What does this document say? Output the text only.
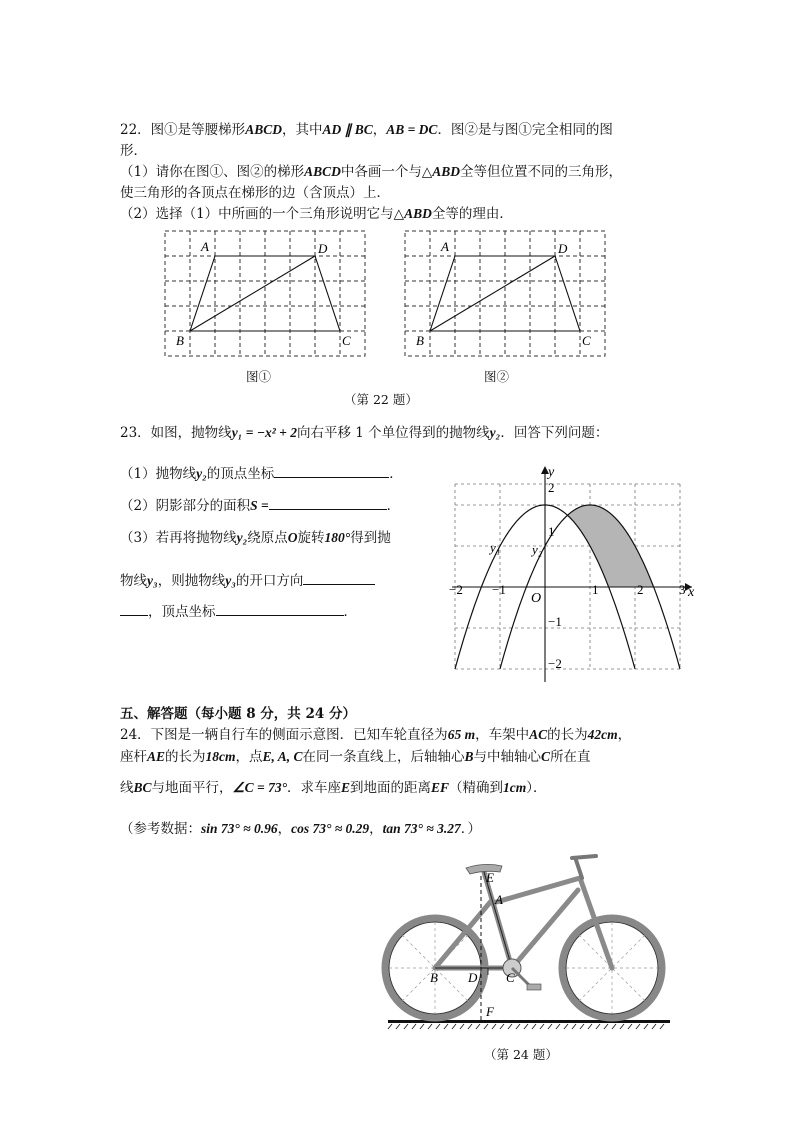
22．图①是等腰梯形ABCD，其中AD ∥ BC，AB = DC．图②是与图①完全相同的图
形．
（1）请你在图①、图②的梯形ABCD中各画一个与△ABD全等但位置不同的三角形，
使三角形的各顶点在梯形的边（含顶点）上．
（2）选择（1）中所画的一个三角形说明它与△ABD全等的理由．
A	D
B	C
图①
A	D
B	C
图②
（第 22 题）
23．如图，抛物线y₁ = −x² + 2向右平移 1 个单位得到的抛物线y₂．回答下列问题：
（1）抛物线y₂的顶点坐标	．
（2）阴影部分的面积S =	．
（3）若再将抛物线y₂绕原点O旋转180°得到抛
物线y₃，则抛物线y₃的开口方向
，顶点坐标	．
x
y
O
−2 −1	1	2	3
2
1
−1
−2
y₁ y₂
五、解答题（每小题 8 分，共 24 分）
24．下图是一辆自行车的侧面示意图．已知车轮直径为65 m，车架中AC的长为42cm，
座杆AE的长为18cm，点E, A, C在同一条直线上，后轴轴心B与中轴轴心C所在直
线BC与地面平行，∠C = 73°．求车座E到地面的距离EF（精确到1cm）．
（参考数据：sin 73° ≈ 0.96，cos 73° ≈ 0.29，tan 73° ≈ 3.27．）
E
A
B	C
D
F
（第 24 题）
